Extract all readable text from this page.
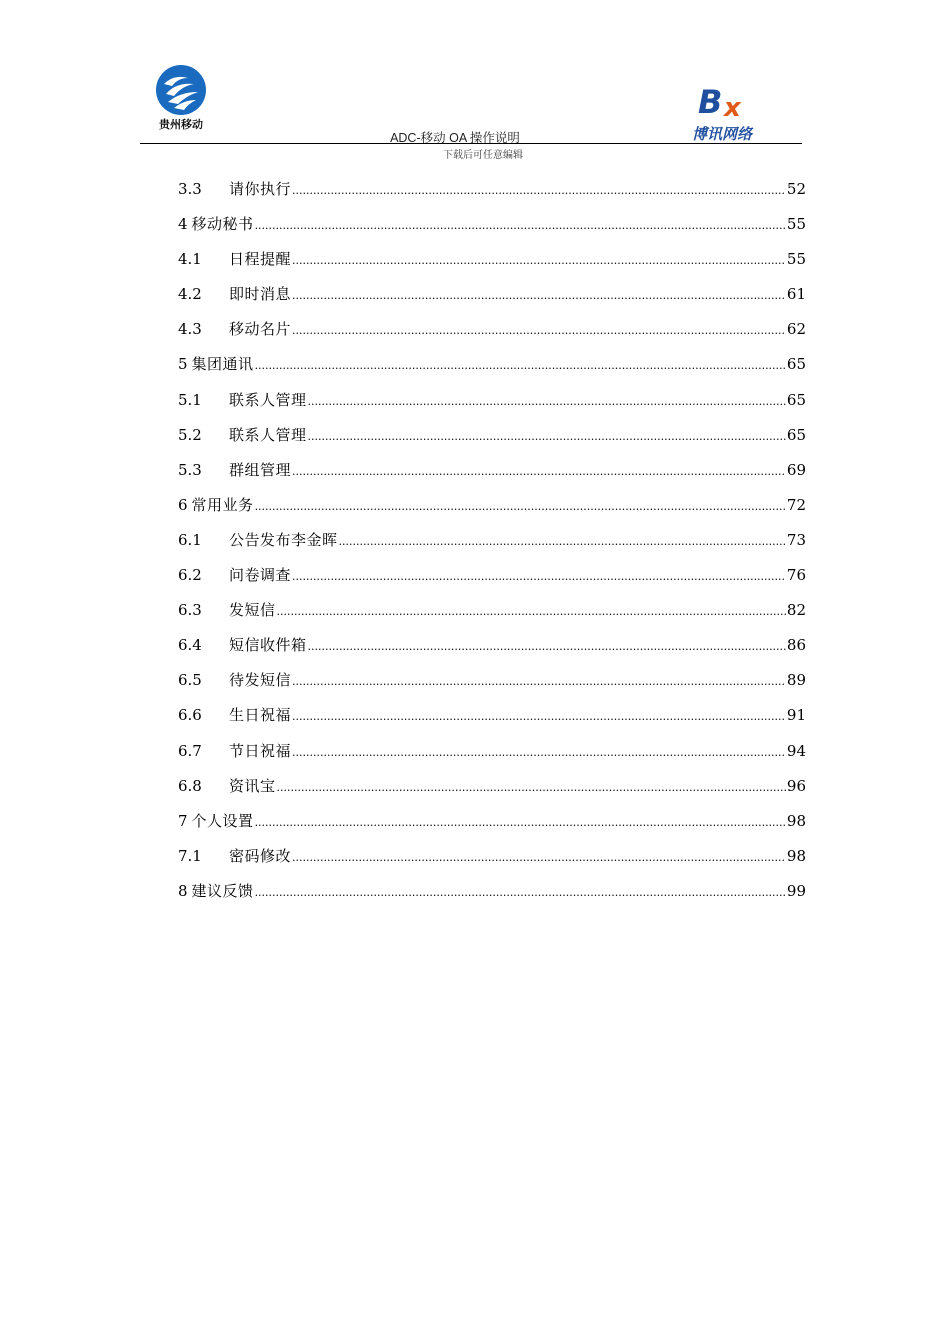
贵州移动
ADC-移动 OA 操作说明
下载后可任意编辑
B x
博讯网络
3.3	请你执行 .....	52
4 移动秘书 .....	55
4.1	日程提醒 .....	55
4.2	即时消息 .....	61
4.3	移动名片 .....	62
5 集团通讯 .....	65
5.1	联系人管理 .....	65
5.2	联系人管理 .....	65
5.3	群组管理 .....	69
6 常用业务 .....	72
6.1	公告发布李金晖 .....	73
6.2	问卷调查 .....	76
6.3	发短信 .....	82
6.4	短信收件箱 .....	86
6.5	待发短信 .....	89
6.6	生日祝福 .....	91
6.7	节日祝福 .....	94
6.8	资讯宝 .....	96
7 个人设置 .....	98
7.1	密码修改 .....	98
8 建议反馈 .....	99
